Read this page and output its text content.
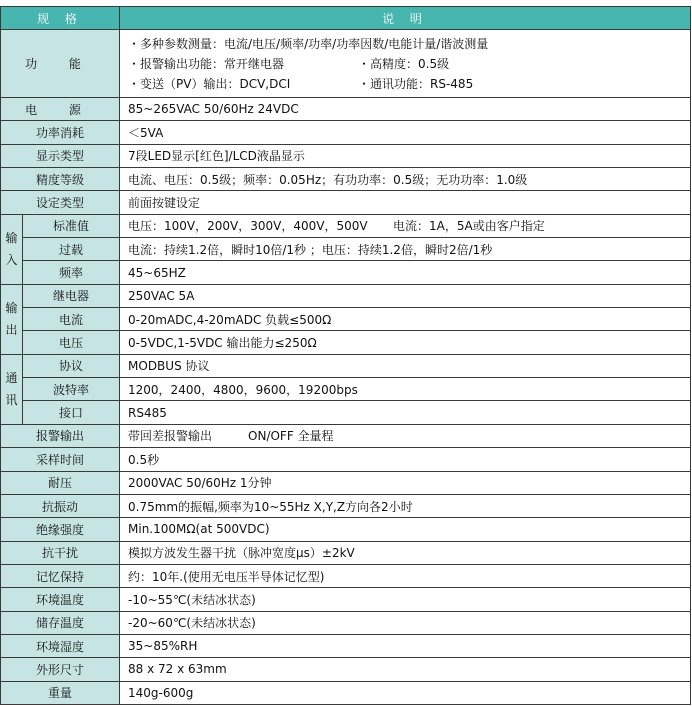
规 格		说 明
功 能		・多种参数测量：电流/电压/频率/功率/功率因数/电能计量/谐波测量
・报警输出功能：常开继电器 ・高精度：0.5级
・变送（PV）输出：DCV,DCI ・通讯功能：RS-485

电 源		85~265VAC 50/60Hz 24VDC
功率消耗		＜5VA
显示类型		7段LED显示[红色]/LCD液晶显示
精度等级		电流、电压：0.5级；频率：0.05Hz；有功功率：0.5级；无功功率：1.0级
设定类型		前面按键设定
输入	标准值	电压：100V，200V，300V，400V，500V 电流：1A，5A或由客户指定
	过载	电流：持续1.2倍，瞬时10倍/1秒 ；电压：持续1.2倍，瞬时2倍/1秒
	频率	45~65HZ
输出	继电器	250VAC 5A
	电流	0-20mADC,4-20mADC 负载≤500Ω
	电压	0-5VDC,1-5VDC 输出能力≤250Ω
通讯	协议	MODBUS 协议
	波特率	1200，2400，4800，9600，19200bps
	接口	RS485
报警输出		带回差报警输出 ON/OFF 全量程
采样时间		0.5秒
耐压		2000VAC 50/60Hz 1分钟
抗振动		0.75mm的振幅,频率为10~55Hz X,Y,Z方向各2小时
绝缘强度		Min.100MΩ(at 500VDC)
抗干扰		模拟方波发生器干扰（脉冲宽度μs）±2kV
记忆保持		约：10年.(使用无电压半导体记忆型)
环境温度		-10~55℃(未结冰状态)
储存温度		-20~60℃(未结冰状态)
环境湿度		35~85%RH
外形尺寸		88 x 72 x 63mm
重量		140g-600g
